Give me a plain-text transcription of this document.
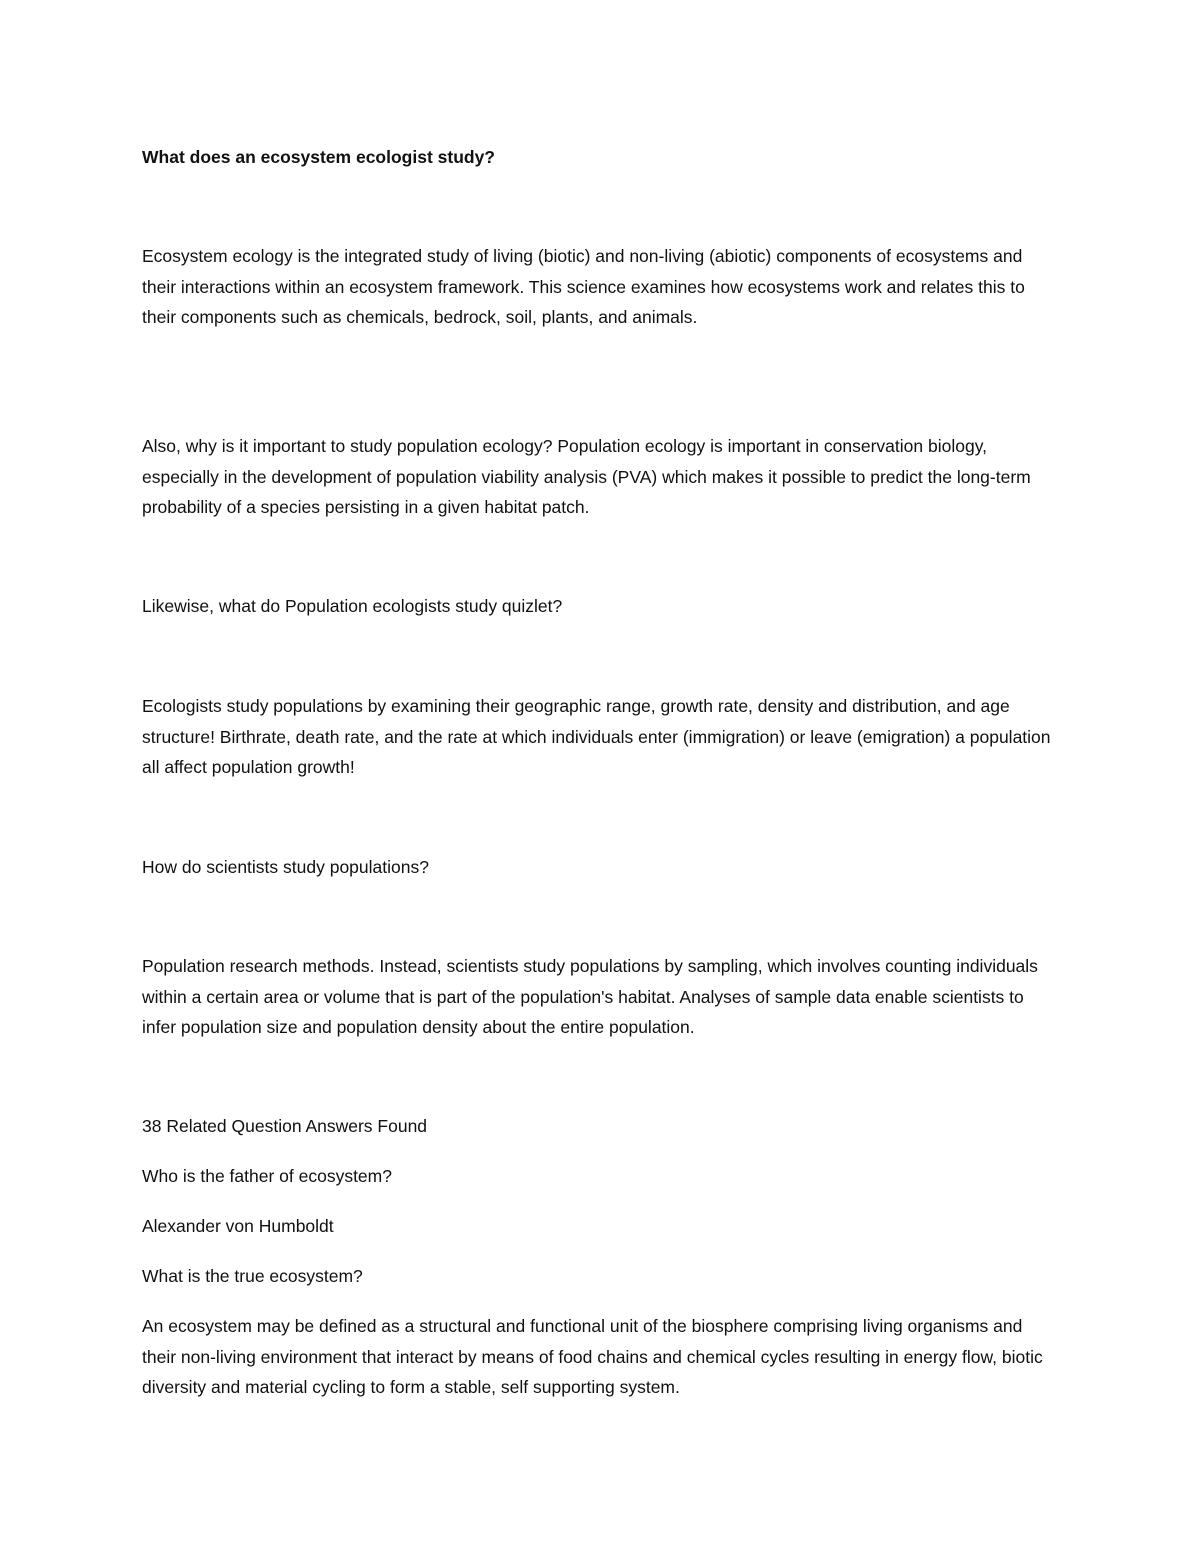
What does an ecosystem ecologist study?

Ecosystem ecology is the integrated study of living (biotic) and non-living (abiotic) components of ecosystems and their interactions within an ecosystem framework. This science examines how ecosystems work and relates this to their components such as chemicals, bedrock, soil, plants, and animals.

Also, why is it important to study population ecology? Population ecology is important in conservation biology, especially in the development of population viability analysis (PVA) which makes it possible to predict the long-term probability of a species persisting in a given habitat patch.

Likewise, what do Population ecologists study quizlet?

Ecologists study populations by examining their geographic range, growth rate, density and distribution, and age structure! Birthrate, death rate, and the rate at which individuals enter (immigration) or leave (emigration) a population all affect population growth!

How do scientists study populations?

Population research methods. Instead, scientists study populations by sampling, which involves counting individuals within a certain area or volume that is part of the population's habitat. Analyses of sample data enable scientists to infer population size and population density about the entire population.

38 Related Question Answers Found

Who is the father of ecosystem?

Alexander von Humboldt

What is the true ecosystem?

An ecosystem may be defined as a structural and functional unit of the biosphere comprising living organisms and their non-living environment that interact by means of food chains and chemical cycles resulting in energy flow, biotic diversity and material cycling to form a stable, self supporting system.
